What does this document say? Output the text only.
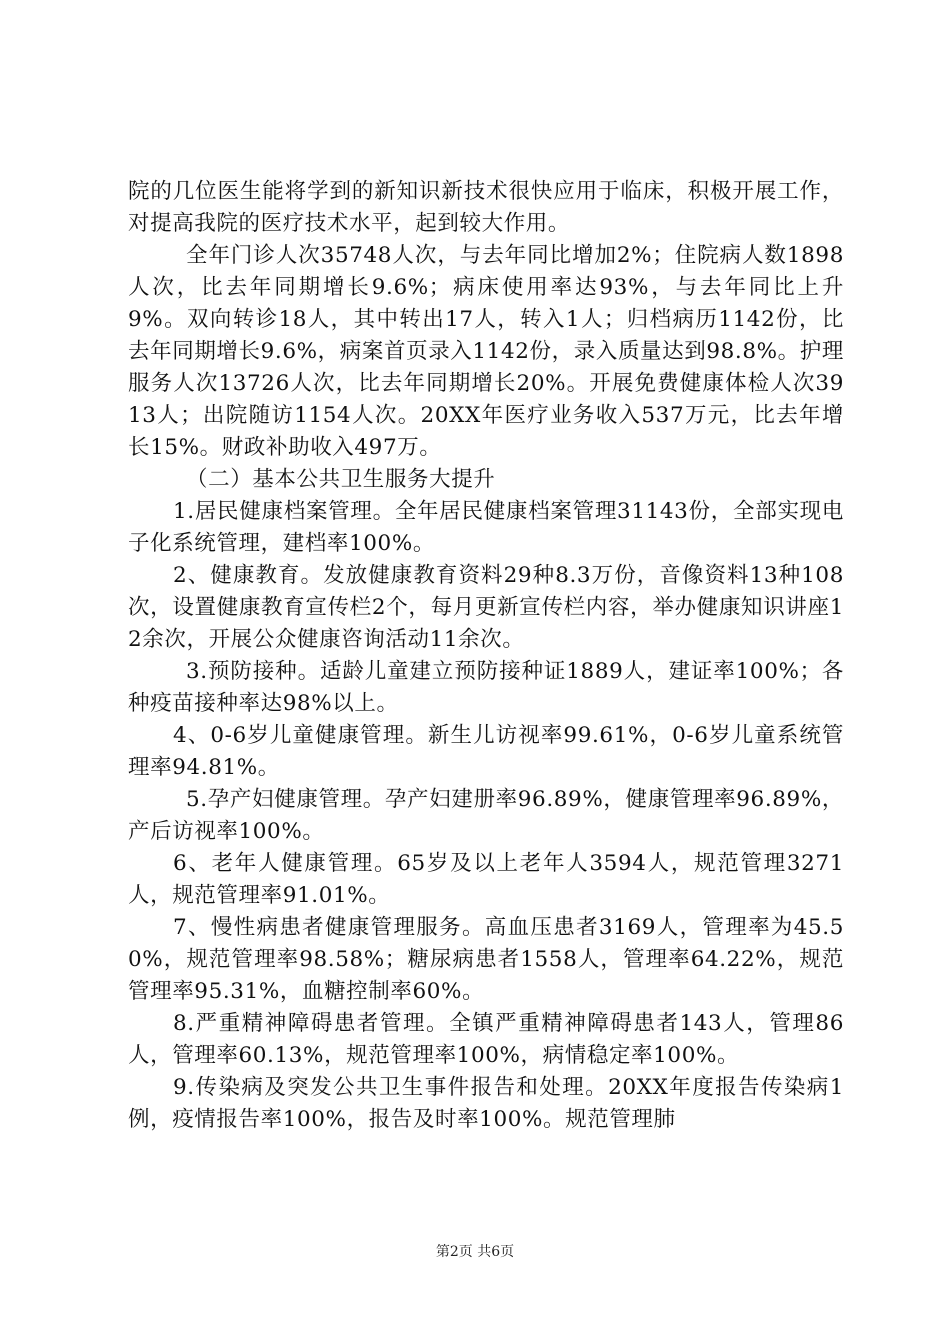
院的几位医生能将学到的新知识新技术很快应用于临床，积极开展工作，对提高我院的医疗技术水平，起到较大作用。

全年门诊人次35748人次，与去年同比增加2%；住院病人数1898人次，比去年同期增长9.6%；病床使用率达93%，与去年同比上升9%。双向转诊18人，其中转出17人，转入1人；归档病历1142份，比去年同期增长9.6%，病案首页录入1142份，录入质量达到98.8%。护理服务人次13726人次，比去年同期增长20%。开展免费健康体检人次3913人；出院随访1154人次。20XX年医疗业务收入537万元，比去年增长15%。财政补助收入497万。

（二）基本公共卫生服务大提升

1.居民健康档案管理。全年居民健康档案管理31143份，全部实现电子化系统管理，建档率100%。

2、健康教育。发放健康教育资料29种8.3万份，音像资料13种108次，设置健康教育宣传栏2个，每月更新宣传栏内容，举办健康知识讲座12余次，开展公众健康咨询活动11余次。

3.预防接种。适龄儿童建立预防接种证1889人，建证率100%；各种疫苗接种率达98%以上。

4、0-6岁儿童健康管理。新生儿访视率99.61%，0-6岁儿童系统管理率94.81%。

5.孕产妇健康管理。孕产妇建册率96.89%，健康管理率96.89%，产后访视率100%。

6、老年人健康管理。65岁及以上老年人3594人，规范管理3271人，规范管理率91.01%。

7、慢性病患者健康管理服务。高血压患者3169人，管理率为45.50%，规范管理率98.58%；糖尿病患者1558人，管理率64.22%，规范管理率95.31%，血糖控制率60%。

8.严重精神障碍患者管理。全镇严重精神障碍患者143人，管理86人，管理率60.13%，规范管理率100%，病情稳定率100%。

9.传染病及突发公共卫生事件报告和处理。20XX年度报告传染病1例，疫情报告率100%，报告及时率100%。规范管理肺

第2页 共6页
